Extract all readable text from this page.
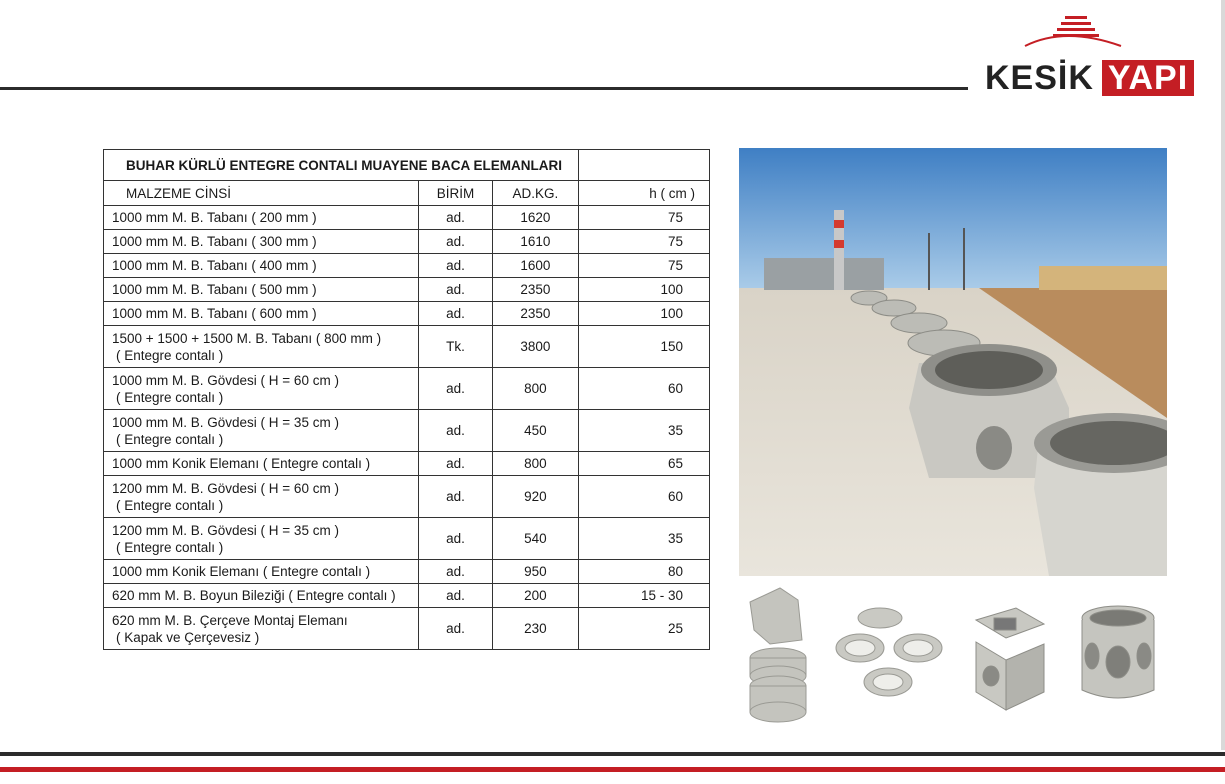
KESİK YAPI
BUHAR KÜRLÜ ENTEGRE CONTALI MUAYENE BACA ELEMANLARI			
MALZEME CİNSİ	BİRİM	AD.KG.	h ( cm )

1000 mm M. B. Tabanı ( 200 mm )	ad.	1620	75

1000 mm M. B. Tabanı ( 300 mm )	ad.	1610	75

1000 mm M. B. Tabanı ( 400 mm )	ad.	1600	75

1000 mm M. B. Tabanı ( 500 mm )	ad.	2350	100

1000 mm M. B. Tabanı ( 600 mm )	ad.	2350	100

1500 + 1500 + 1500 M. B. Tabanı ( 800 mm )
( Entegre contalı )	Tk.	3800	150

1000 mm M. B. Gövdesi ( H = 60 cm )
( Entegre contalı )	ad.	800	60

1000 mm M. B. Gövdesi ( H = 35 cm )
( Entegre contalı )	ad.	450	35

1000 mm Konik Elemanı ( Entegre contalı )	ad.	800	65

1200 mm M. B. Gövdesi ( H = 60 cm )
( Entegre contalı )	ad.	920	60

1200 mm M. B. Gövdesi ( H = 35 cm )
( Entegre contalı )	ad.	540	35

1000 mm Konik Elemanı ( Entegre contalı )	ad.	950	80

620 mm M. B. Boyun Bileziği ( Entegre contalı )	ad.	200	15 - 30

620 mm M. B. Çerçeve Montaj Elemanı
( Kapak ve Çerçevesiz )	ad.	230	25
